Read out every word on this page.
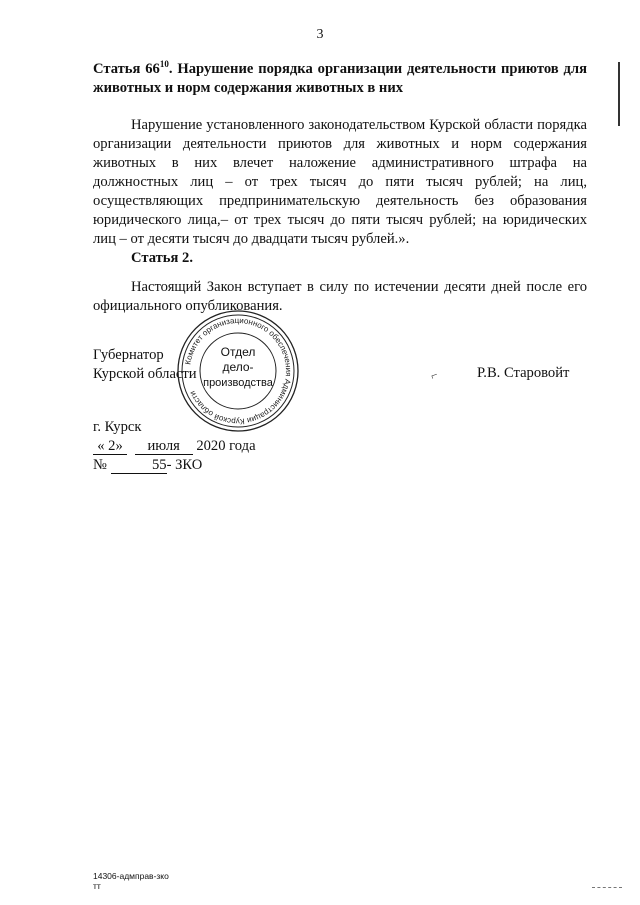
3
Статья $66^{10}$. Нарушение порядка организации деятельности приютов для животных и норм содержания животных в них
Нарушение установленного законодательством Курской области порядка организации деятельности приютов для животных и норм содержания животных в них влечет наложение административного штрафа на должностных лиц – от трех тысяч до пяти тысяч рублей; на лиц, осуществляющих предпринимательскую деятельность без образования юридического лица,– от трех тысяч до пяти тысяч рублей; на юридических лиц – от десяти тысяч до двадцати тысяч рублей.».
Статья 2.
Настоящий Закон вступает в силу по истечении десяти дней после его официального опубликования.
Губернатор
Курской области	⌐	Р.В. Старовойт
Комитет организационного обеспечения Администрации Курской области
Отдел
дело-
производства
г. Курск
« 2» июля 2020 года
№	55- ЗКО
14306-адмправ-зко
тт
